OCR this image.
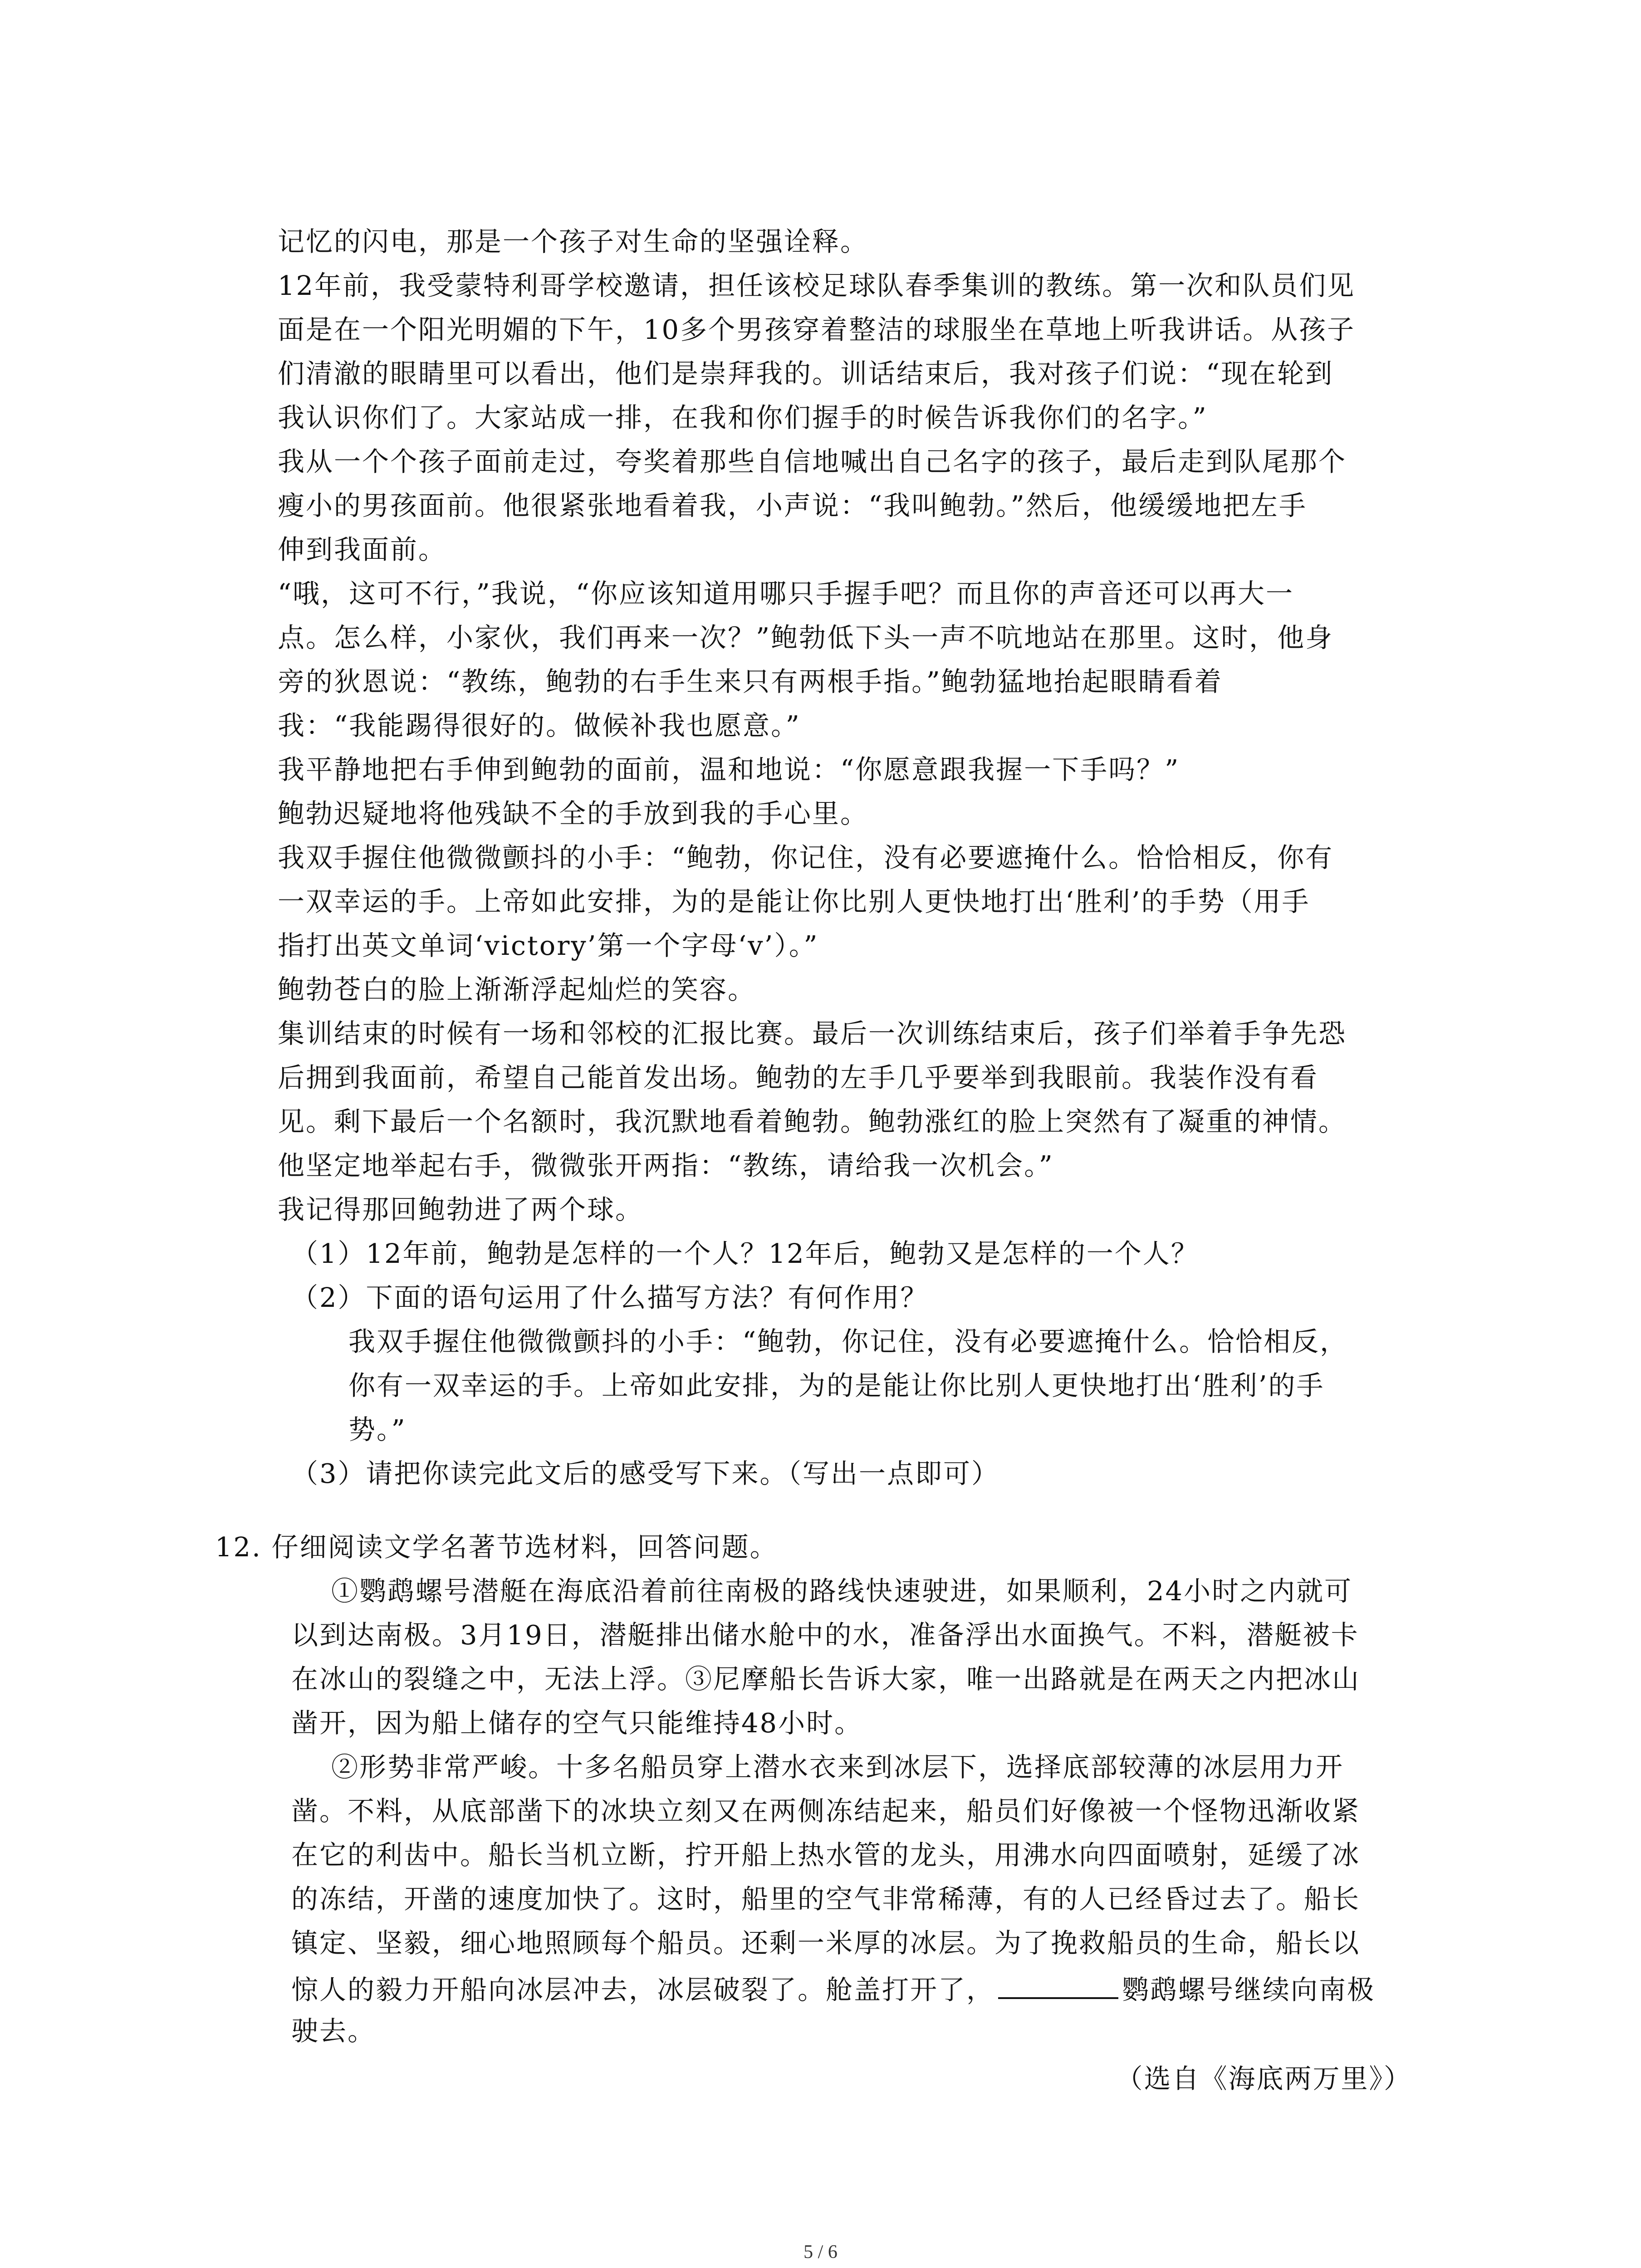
记忆的闪电，那是一个孩子对生命的坚强诠释。
12年前，我受蒙特利哥学校邀请，担任该校足球队春季集训的教练。第一次和队员们见
面是在一个阳光明媚的下午，10多个男孩穿着整洁的球服坐在草地上听我讲话。从孩子
们清澈的眼睛里可以看出，他们是崇拜我的。训话结束后，我对孩子们说：“现在轮到
我认识你们了。大家站成一排，在我和你们握手的时候告诉我你们的名字。”
我从一个个孩子面前走过，夸奖着那些自信地喊出自己名字的孩子，最后走到队尾那个
瘦小的男孩面前。他很紧张地看着我，小声说：“我叫鲍勃。”然后，他缓缓地把左手
伸到我面前。
“哦，这可不行，”我说，“你应该知道用哪只手握手吧？而且你的声音还可以再大一
点。怎么样，小家伙，我们再来一次？”鲍勃低下头一声不吭地站在那里。这时，他身
旁的狄恩说：“教练，鲍勃的右手生来只有两根手指。”鲍勃猛地抬起眼睛看着
我：“我能踢得很好的。做候补我也愿意。”
我平静地把右手伸到鲍勃的面前，温和地说：“你愿意跟我握一下手吗？”
鲍勃迟疑地将他残缺不全的手放到我的手心里。
我双手握住他微微颤抖的小手：“鲍勃，你记住，没有必要遮掩什么。恰恰相反，你有
一双幸运的手。上帝如此安排，为的是能让你比别人更快地打出‘胜利’的手势（用手
指打出英文单词‘victory’第一个字母‘v’）。”
鲍勃苍白的脸上渐渐浮起灿烂的笑容。
集训结束的时候有一场和邻校的汇报比赛。最后一次训练结束后，孩子们举着手争先恐
后拥到我面前，希望自己能首发出场。鲍勃的左手几乎要举到我眼前。我装作没有看
见。剩下最后一个名额时，我沉默地看着鲍勃。鲍勃涨红的脸上突然有了凝重的神情。
他坚定地举起右手，微微张开两指：“教练，请给我一次机会。”
我记得那回鲍勃进了两个球。
（1）12年前，鲍勃是怎样的一个人？12年后，鲍勃又是怎样的一个人？
（2）下面的语句运用了什么描写方法？有何作用？
我双手握住他微微颤抖的小手：“鲍勃，你记住，没有必要遮掩什么。恰恰相反，
你有一双幸运的手。上帝如此安排，为的是能让你比别人更快地打出‘胜利’的手
势。”
（3）请把你读完此文后的感受写下来。（写出一点即可）
12. 仔细阅读文学名著节选材料，回答问题。
①鹦鹉螺号潜艇在海底沿着前往南极的路线快速驶进，如果顺利，24小时之内就可
以到达南极。3月19日，潜艇排出储水舱中的水，准备浮出水面换气。不料，潜艇被卡
在冰山的裂缝之中，无法上浮。③尼摩船长告诉大家，唯一出路就是在两天之内把冰山
凿开，因为船上储存的空气只能维持48小时。
②形势非常严峻。十多名船员穿上潜水衣来到冰层下，选择底部较薄的冰层用力开
凿。不料，从底部凿下的冰块立刻又在两侧冻结起来，船员们好像被一个怪物迅渐收紧
在它的利齿中。船长当机立断，拧开船上热水管的龙头，用沸水向四面喷射，延缓了冰
的冻结，开凿的速度加快了。这时，船里的空气非常稀薄，有的人已经昏过去了。船长
镇定、坚毅，细心地照顾每个船员。还剩一米厚的冰层。为了挽救船员的生命，船长以
惊人的毅力开船向冰层冲去，冰层破裂了。舱盖打开了，	鹦鹉螺号继续向南极
驶去。
（选自《海底两万里》）
5 / 6
